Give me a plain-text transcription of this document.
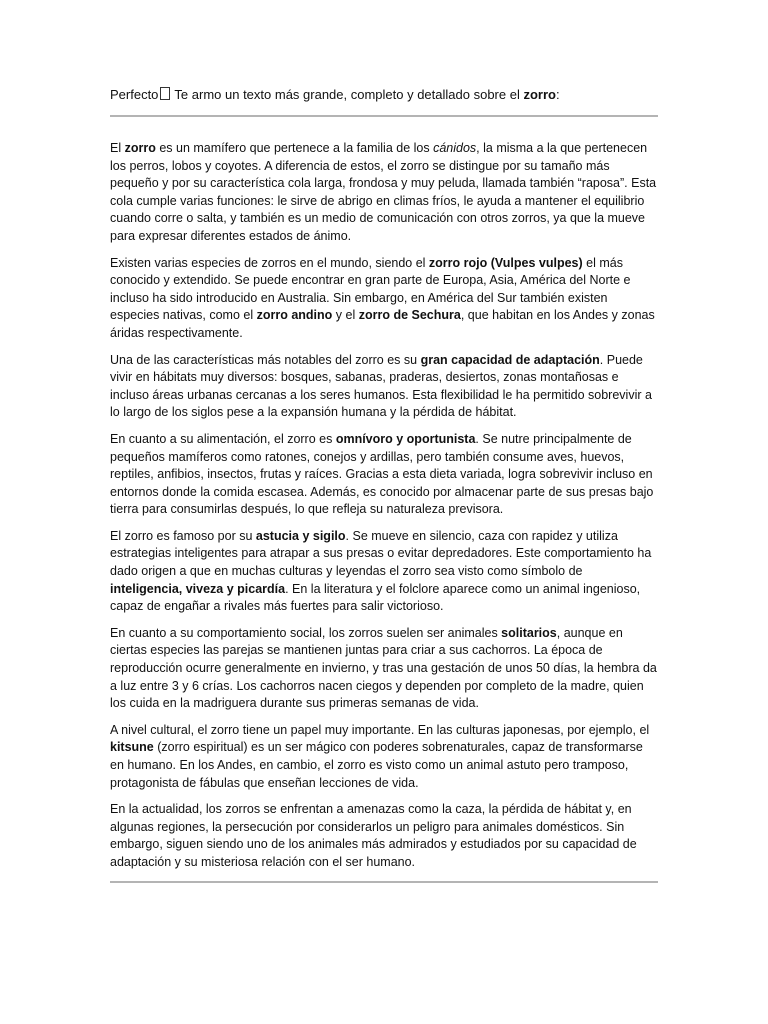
Perfecto Te armo un texto más grande, completo y detallado sobre el zorro:

El zorro es un mamífero que pertenece a la familia de los cánidos, la misma a la que pertenecen los perros, lobos y coyotes. A diferencia de estos, el zorro se distingue por su tamaño más pequeño y por su característica cola larga, frondosa y muy peluda, llamada también “raposa”. Esta cola cumple varias funciones: le sirve de abrigo en climas fríos, le ayuda a mantener el equilibrio cuando corre o salta, y también es un medio de comunicación con otros zorros, ya que la mueve para expresar diferentes estados de ánimo.

Existen varias especies de zorros en el mundo, siendo el zorro rojo (Vulpes vulpes) el más conocido y extendido. Se puede encontrar en gran parte de Europa, Asia, América del Norte e incluso ha sido introducido en Australia. Sin embargo, en América del Sur también existen especies nativas, como el zorro andino y el zorro de Sechura, que habitan en los Andes y zonas áridas respectivamente.

Una de las características más notables del zorro es su gran capacidad de adaptación. Puede vivir en hábitats muy diversos: bosques, sabanas, praderas, desiertos, zonas montañosas e incluso áreas urbanas cercanas a los seres humanos. Esta flexibilidad le ha permitido sobrevivir a lo largo de los siglos pese a la expansión humana y la pérdida de hábitat.

En cuanto a su alimentación, el zorro es omnívoro y oportunista. Se nutre principalmente de pequeños mamíferos como ratones, conejos y ardillas, pero también consume aves, huevos, reptiles, anfibios, insectos, frutas y raíces. Gracias a esta dieta variada, logra sobrevivir incluso en entornos donde la comida escasea. Además, es conocido por almacenar parte de sus presas bajo tierra para consumirlas después, lo que refleja su naturaleza previsora.

El zorro es famoso por su astucia y sigilo. Se mueve en silencio, caza con rapidez y utiliza estrategias inteligentes para atrapar a sus presas o evitar depredadores. Este comportamiento ha dado origen a que en muchas culturas y leyendas el zorro sea visto como símbolo de inteligencia, viveza y picardía. En la literatura y el folclore aparece como un animal ingenioso, capaz de engañar a rivales más fuertes para salir victorioso.

En cuanto a su comportamiento social, los zorros suelen ser animales solitarios, aunque en ciertas especies las parejas se mantienen juntas para criar a sus cachorros. La época de reproducción ocurre generalmente en invierno, y tras una gestación de unos 50 días, la hembra da a luz entre 3 y 6 crías. Los cachorros nacen ciegos y dependen por completo de la madre, quien los cuida en la madriguera durante sus primeras semanas de vida.

A nivel cultural, el zorro tiene un papel muy importante. En las culturas japonesas, por ejemplo, el kitsune (zorro espiritual) es un ser mágico con poderes sobrenaturales, capaz de transformarse en humano. En los Andes, en cambio, el zorro es visto como un animal astuto pero tramposo, protagonista de fábulas que enseñan lecciones de vida.

En la actualidad, los zorros se enfrentan a amenazas como la caza, la pérdida de hábitat y, en algunas regiones, la persecución por considerarlos un peligro para animales domésticos. Sin embargo, siguen siendo uno de los animales más admirados y estudiados por su capacidad de adaptación y su misteriosa relación con el ser humano.
